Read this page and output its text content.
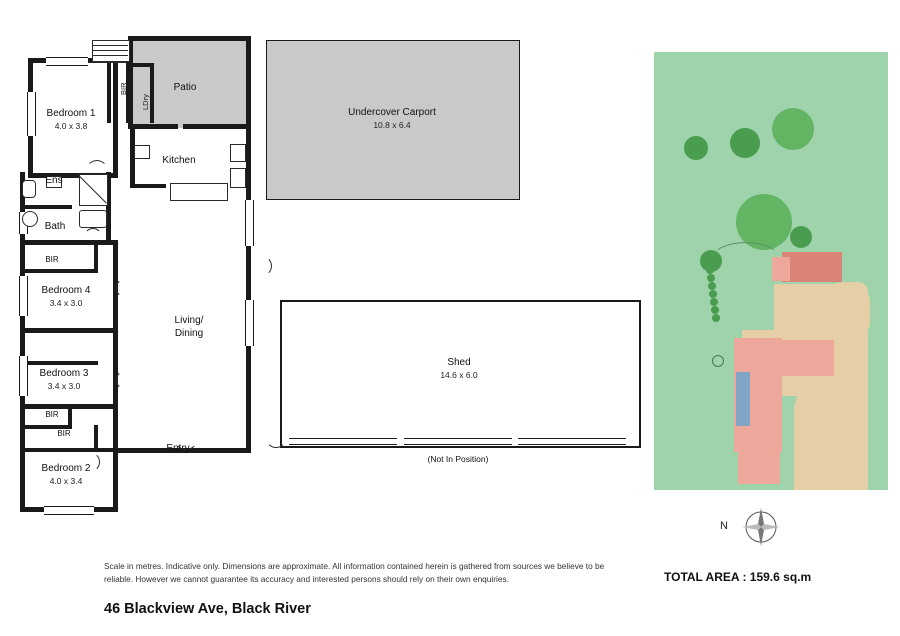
Undercover Carport
10.8 x 6.4
Shed
14.6 x 6.0
(Not In Position)
Bedroom 1
4.0 x 3.8
Patio
BIR
LDry
Kitchen
Ens
Bath
BIR
Bedroom 4
3.4 x 3.0
Living/
Dining
Bedroom 3
3.4 x 3.0
BIR
BIR
Entry
Bedroom 2
4.0 x 3.4
N
Scale in metres. Indicative only. Dimensions are approximate. All information contained herein is gathered from sources we believe to be reliable. However we cannot guarantee its accuracy and interested persons should rely on their own enquiries.
46 Blackview Ave, Black River
TOTAL AREA : 159.6 sq.m
